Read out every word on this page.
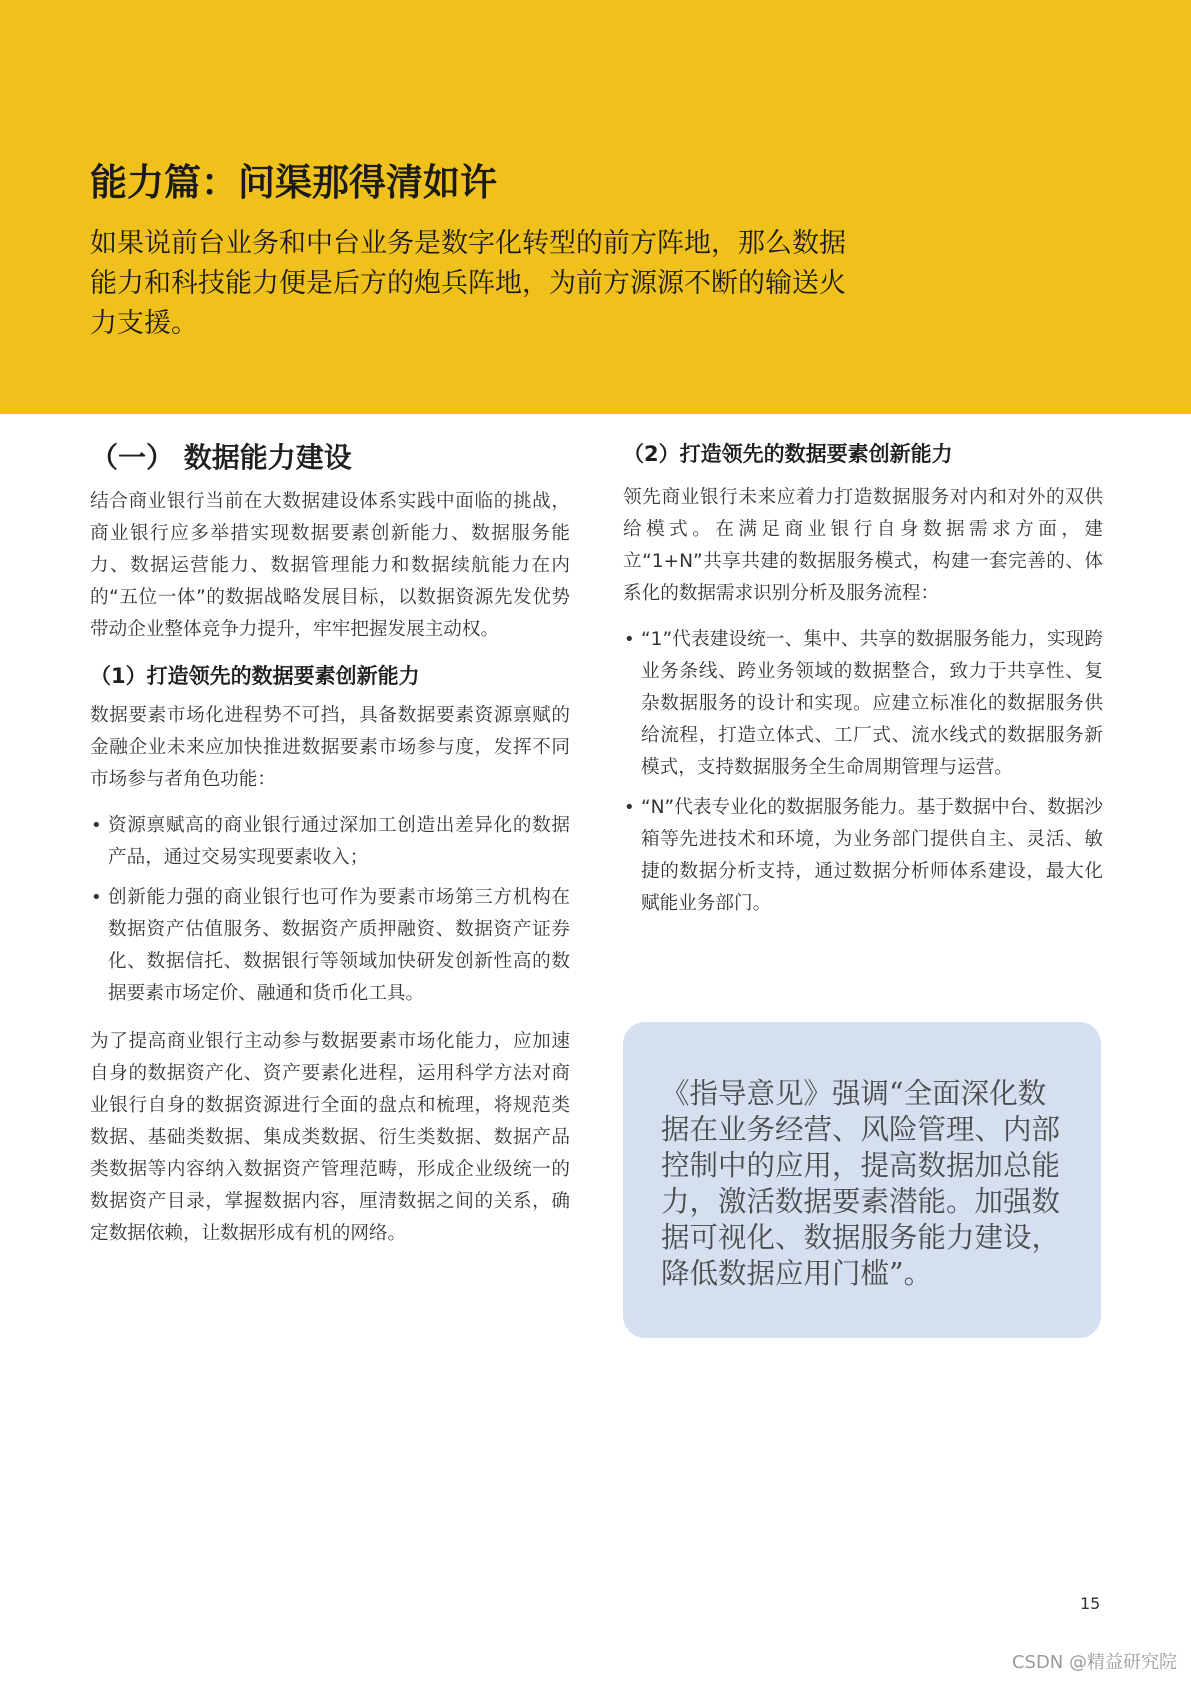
能力篇：问渠那得清如许

如果说前台业务和中台业务是数字化转型的前方阵地，那么数据能力和科技能力便是后方的炮兵阵地，为前方源源不断的输送火力支援。

（一） 数据能力建设

结合商业银行当前在大数据建设体系实践中面临的挑战，商业银行应多举措实现数据要素创新能力、数据服务能力、数据运营能力、数据管理能力和数据续航能力在内的“五位一体”的数据战略发展目标，以数据资源先发优势带动企业整体竞争力提升，牢牢把握发展主动权。

（1）打造领先的数据要素创新能力

数据要素市场化进程势不可挡，具备数据要素资源禀赋的金融企业未来应加快推进数据要素市场参与度，发挥不同市场参与者角色功能：

• 资源禀赋高的商业银行通过深加工创造出差异化的数据产品，通过交易实现要素收入；
• 创新能力强的商业银行也可作为要素市场第三方机构在数据资产估值服务、数据资产质押融资、数据资产证券化、数据信托、数据银行等领域加快研发创新性高的数据要素市场定价、融通和货币化工具。

为了提高商业银行主动参与数据要素市场化能力，应加速自身的数据资产化、资产要素化进程，运用科学方法对商业银行自身的数据资源进行全面的盘点和梳理，将规范类数据、基础类数据、集成类数据、衍生类数据、数据产品类数据等内容纳入数据资产管理范畴，形成企业级统一的数据资产目录，掌握数据内容，厘清数据之间的关系，确定数据依赖，让数据形成有机的网络。

（2）打造领先的数据要素创新能力

领先商业银行未来应着力打造数据服务对内和对外的双供给模式。在满足商业银行自身数据需求方面，建立“1+N”共享共建的数据服务模式，构建一套完善的、体系化的数据需求识别分析及服务流程：

• “1”代表建设统一、集中、共享的数据服务能力，实现跨业务条线、跨业务领域的数据整合，致力于共享性、复杂数据服务的设计和实现。应建立标准化的数据服务供给流程，打造立体式、工厂式、流水线式的数据服务新模式，支持数据服务全生命周期管理与运营。
• “N”代表专业化的数据服务能力。基于数据中台、数据沙箱等先进技术和环境，为业务部门提供自主、灵活、敏捷的数据分析支持，通过数据分析师体系建设，最大化赋能业务部门。

《指导意见》强调“全面深化数据在业务经营、风险管理、内部控制中的应用，提高数据加总能力，激活数据要素潜能。加强数据可视化、数据服务能力建设，降低数据应用门槛”。

15
CSDN @精益研究院
